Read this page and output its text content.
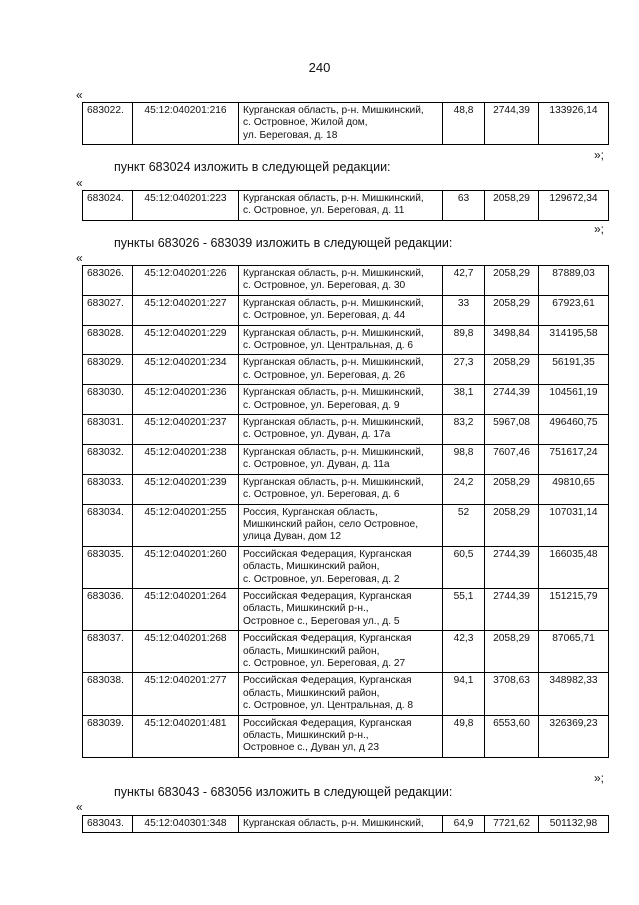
240
«
683022.	45:12:040201:216	Курганская область, р-н. Мишкинский,
с. Островное, Жилой дом,
ул. Береговая, д. 18
	48,8	2744,39	133926,14
»;
пункт 683024 изложить в следующей редакции:
«
683024.	45:12:040201:223	Курганская область, р-н. Мишкинский,
с. Островное, ул. Береговая, д. 11
	63	2058,29	129672,34
»;
пункты 683026 - 683039 изложить в следующей редакции:
«
683026.	45:12:040201:226	Курганская область, р-н. Мишкинский,
с. Островное, ул. Береговая, д. 30	42,7	2058,29	87889,03
683027.	45:12:040201:227	Курганская область, р-н. Мишкинский,
с. Островное, ул. Береговая, д. 44	33	2058,29	67923,61
683028.	45:12:040201:229	Курганская область, р-н. Мишкинский,
с. Островное, ул. Центральная, д. 6	89,8	3498,84	314195,58
683029.	45:12:040201:234	Курганская область, р-н. Мишкинский,
с. Островное, ул. Береговая, д. 26	27,3	2058,29	56191,35
683030.	45:12:040201:236	Курганская область, р-н. Мишкинский,
с. Островное, ул. Береговая, д. 9	38,1	2744,39	104561,19
683031.	45:12:040201:237	Курганская область, р-н. Мишкинский,
с. Островное, ул. Дуван, д. 17а	83,2	5967,08	496460,75
683032.	45:12:040201:238	Курганская область, р-н. Мишкинский,
с. Островное, ул. Дуван, д. 11а	98,8	7607,46	751617,24
683033.	45:12:040201:239	Курганская область, р-н. Мишкинский,
с. Островное, ул. Береговая, д. 6	24,2	2058,29	49810,65
683034.	45:12:040201:255	Россия, Курганская область,
Мишкинский район, село Островное,
улица Дуван, дом 12	52	2058,29	107031,14
683035.	45:12:040201:260	Российская Федерация, Курганская
область, Мишкинский район,
с. Островное, ул. Береговая, д. 2	60,5	2744,39	166035,48
683036.	45:12:040201:264	Российская Федерация, Курганская
область, Мишкинский р-н.,
Островное с., Береговая ул., д. 5	55,1	2744,39	151215,79
683037.	45:12:040201:268	Российская Федерация, Курганская
область, Мишкинский район,
с. Островное, ул. Береговая, д. 27	42,3	2058,29	87065,71
683038.	45:12:040201:277	Российская Федерация, Курганская
область, Мишкинский район,
с. Островное, ул. Центральная, д. 8	94,1	3708,63	348982,33
683039.	45:12:040201:481	Российская Федерация, Курганская
область, Мишкинский р-н.,
Островное с., Дуван ул, д 23	49,8	6553,60	326369,23
»;
пункты 683043 - 683056 изложить в следующей редакции:
«
683043.	45:12:040301:348	Курганская область, р-н. Мишкинский,	64,9	7721,62	501132,98
